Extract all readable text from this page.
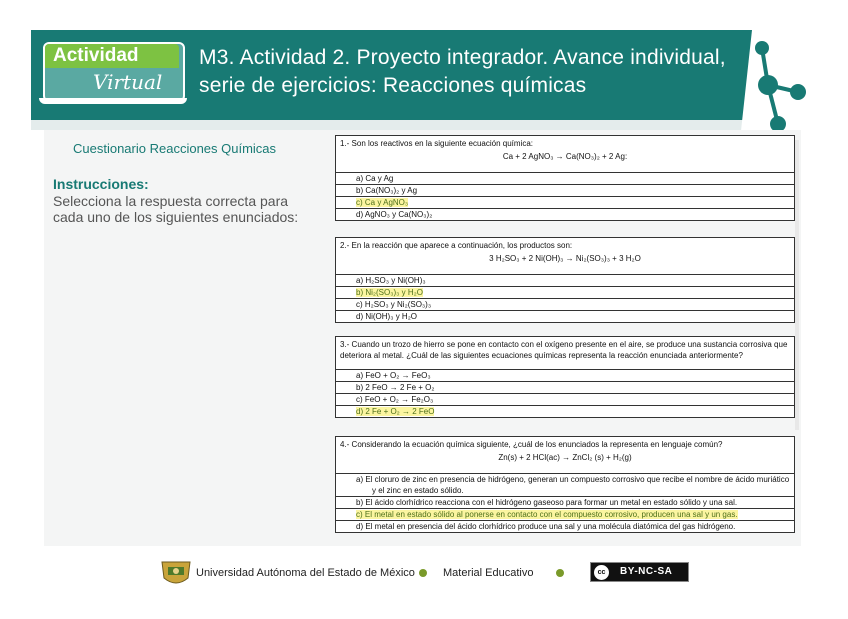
Actividad
Virtual
M3. Actividad 2. Proyecto integrador. Avance individual, serie de ejercicios: Reacciones químicas
Cuestionario Reacciones Químicas
Instrucciones:
Selecciona la respuesta correcta para cada uno de los siguientes enunciados:
1.- Son los reactivos en la siguiente ecuación química:
Ca + 2 AgNO₃ → Ca(NO₃)₂ + 2 Ag:
a) Ca y Ag
b) Ca(NO₃)₂ y Ag
c) Ca y AgNO₃
d) AgNO₃ y Ca(NO₃)₂
2.- En la reacción que aparece a continuación, los productos son:
3 H₂SO₃ + 2 Ni(OH)₃ → Ni₂(SO₃)₃ + 3 H₂O
a) H₂SO₃ y Ni(OH)₃
b) Ni₂(SO₃)₃ y H₂O
c) H₂SO₃ y Ni₂(SO₃)₃
d) Ni(OH)₃ y H₂O
3.- Cuando un trozo de hierro se pone en contacto con el oxígeno presente en el aire, se produce una sustancia corrosiva que deteriora al metal. ¿Cuál de las siguientes ecuaciones químicas representa la reacción enunciada anteriormente?
a) FeO + O₂ → FeO₃
b) 2 FeO → 2 Fe + O₂
c) FeO + O₂ → Fe₂O₃
d) 2 Fe + O₂ → 2 FeO
4.- Considerando la ecuación química siguiente, ¿cuál de los enunciados la representa en lenguaje común?
Zn(s) + 2 HCl(ac) → ZnCl₂ (s) + H₂(g)
a) El cloruro de zinc en presencia de hidrógeno, generan un compuesto corrosivo que recibe el nombre de ácido muriático y el zinc en estado sólido.
b) El ácido clorhídrico reacciona con el hidrógeno gaseoso para formar un metal en estado sólido y una sal.
c) El metal en estado sólido al ponerse en contacto con el compuesto corrosivo, producen una sal y un gas.
d) El metal en presencia del ácido clorhídrico produce una sal y una molécula diatómica del gas hidrógeno.
Universidad Autónoma del Estado de México	Material Educativo	cc	BY-NC-SA
